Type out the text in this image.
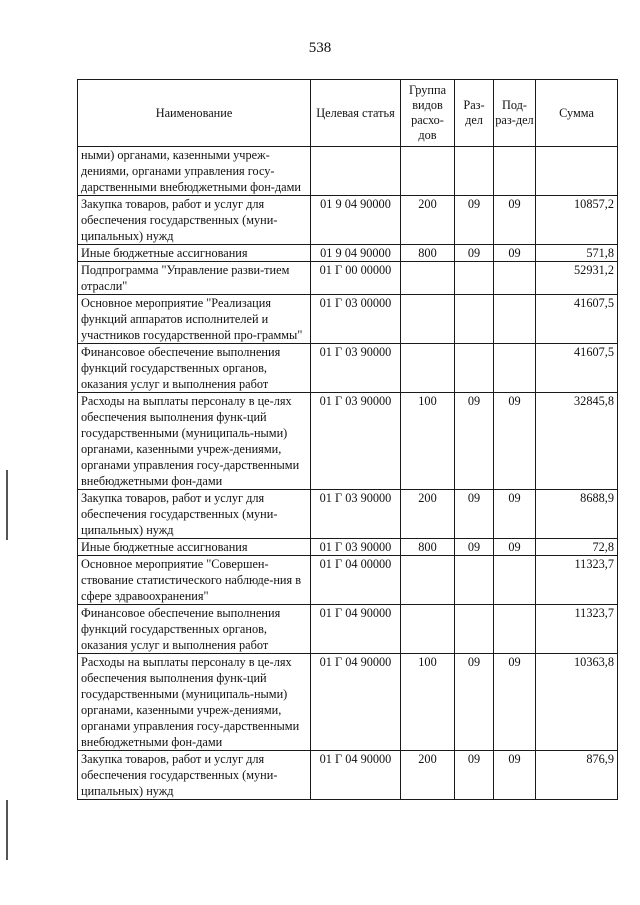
538
Наименование	Целевая статья	Группа видов расхо-дов	Раз-дел	Под-раз-дел	Сумма
ными) органами, казенными учреж-дениями, органами управления госу-дарственными внебюджетными фон-дами					
Закупка товаров, работ и услуг для обеспечения государственных (муни-ципальных) нужд	01 9 04 90000	200	09	09	10857,2
Иные бюджетные ассигнования	01 9 04 90000	800	09	09	571,8
Подпрограмма "Управление разви-тием отрасли"	01 Г 00 00000				52931,2
Основное мероприятие "Реализация функций аппаратов исполнителей и участников государственной про-граммы"	01 Г 03 00000				41607,5
Финансовое обеспечение выполнения функций государственных органов, оказания услуг и выполнения работ	01 Г 03 90000				41607,5
Расходы на выплаты персоналу в це-лях обеспечения выполнения функ-ций государственными (муниципаль-ными) органами, казенными учреж-дениями, органами управления госу-дарственными внебюджетными фон-дами	01 Г 03 90000	100	09	09	32845,8
Закупка товаров, работ и услуг для обеспечения государственных (муни-ципальных) нужд	01 Г 03 90000	200	09	09	8688,9
Иные бюджетные ассигнования	01 Г 03 90000	800	09	09	72,8
Основное мероприятие "Совершен-ствование статистического наблюде-ния в сфере здравоохранения"	01 Г 04 00000				11323,7
Финансовое обеспечение выполнения функций государственных органов, оказания услуг и выполнения работ	01 Г 04 90000				11323,7
Расходы на выплаты персоналу в це-лях обеспечения выполнения функ-ций государственными (муниципаль-ными) органами, казенными учреж-дениями, органами управления госу-дарственными внебюджетными фон-дами	01 Г 04 90000	100	09	09	10363,8
Закупка товаров, работ и услуг для обеспечения государственных (муни-ципальных) нужд	01 Г 04 90000	200	09	09	876,9
